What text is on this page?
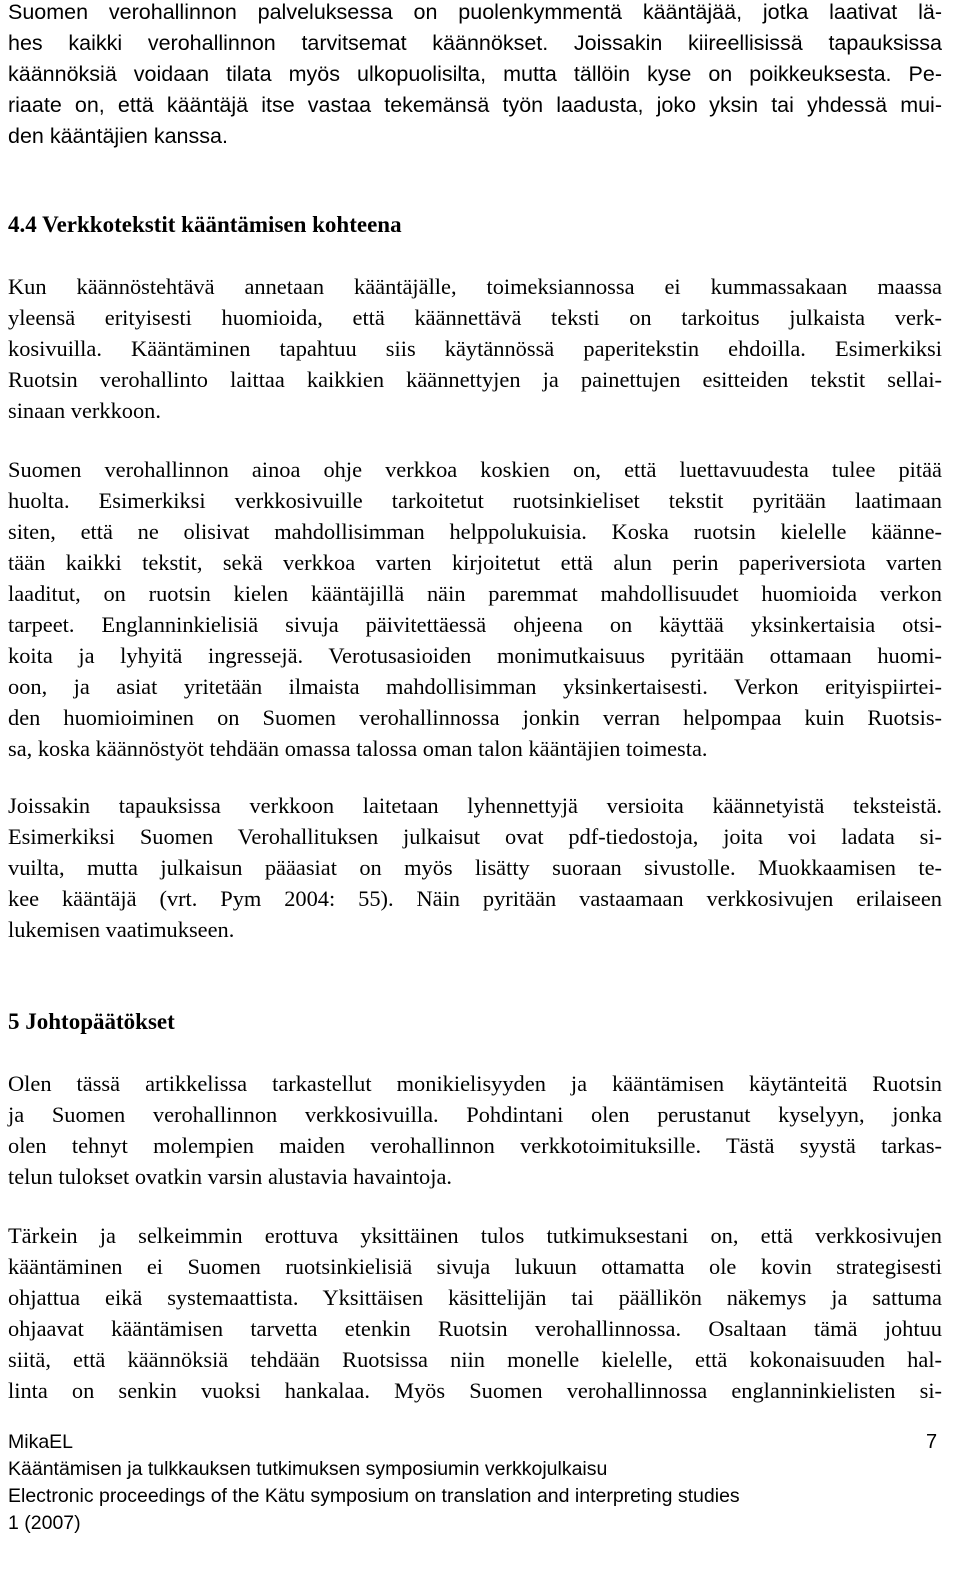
Suomen verohallinnon palveluksessa on puolenkymmentä kääntäjää, jotka laativat lä-
hes kaikki verohallinnon tarvitsemat käännökset. Joissakin kiireellisissä tapauksissa
käännöksiä voidaan tilata myös ulkopuolisilta, mutta tällöin kyse on poikkeuksesta. Pe-
riaate on, että kääntäjä itse vastaa tekemänsä työn laadusta, joko yksin tai yhdessä mui-
den kääntäjien kanssa.
4.4 Verkkotekstit kääntämisen kohteena
Kun käännöstehtävä annetaan kääntäjälle, toimeksiannossa ei kummassakaan maassa
yleensä erityisesti huomioida, että käännettävä teksti on tarkoitus julkaista verk-
kosivuilla. Kääntäminen tapahtuu siis käytännössä paperitekstin ehdoilla. Esimerkiksi
Ruotsin verohallinto laittaa kaikkien käännettyjen ja painettujen esitteiden tekstit sellai-
sinaan verkkoon.
Suomen verohallinnon ainoa ohje verkkoa koskien on, että luettavuudesta tulee pitää
huolta. Esimerkiksi verkkosivuille tarkoitetut ruotsinkieliset tekstit pyritään laatimaan
siten, että ne olisivat mahdollisimman helppolukuisia. Koska ruotsin kielelle käänne-
tään kaikki tekstit, sekä verkkoa varten kirjoitetut että alun perin paperiversiota varten
laaditut, on ruotsin kielen kääntäjillä näin paremmat mahdollisuudet huomioida verkon
tarpeet. Englanninkielisiä sivuja päivitettäessä ohjeena on käyttää yksinkertaisia otsi-
koita ja lyhyitä ingressejä. Verotusasioiden monimutkaisuus pyritään ottamaan huomi-
oon, ja asiat yritetään ilmaista mahdollisimman yksinkertaisesti. Verkon erityispiirtei-
den huomioiminen on Suomen verohallinnossa jonkin verran helpompaa kuin Ruotsis-
sa, koska käännöstyöt tehdään omassa talossa oman talon kääntäjien toimesta.
Joissakin tapauksissa verkkoon laitetaan lyhennettyjä versioita käännetyistä teksteistä.
Esimerkiksi Suomen Verohallituksen julkaisut ovat pdf-tiedostoja, joita voi ladata si-
vuilta, mutta julkaisun pääasiat on myös lisätty suoraan sivustolle. Muokkaamisen te-
kee kääntäjä (vrt. Pym 2004: 55). Näin pyritään vastaamaan verkkosivujen erilaiseen
lukemisen vaatimukseen.
5 Johtopäätökset
Olen tässä artikkelissa tarkastellut monikielisyyden ja kääntämisen käytänteitä Ruotsin
ja Suomen verohallinnon verkkosivuilla. Pohdintani olen perustanut kyselyyn, jonka
olen tehnyt molempien maiden verohallinnon verkkotoimituksille. Tästä syystä tarkas-
telun tulokset ovatkin varsin alustavia havaintoja.
Tärkein ja selkeimmin erottuva yksittäinen tulos tutkimuksestani on, että verkkosivujen
kääntäminen ei Suomen ruotsinkielisiä sivuja lukuun ottamatta ole kovin strategisesti
ohjattua eikä systemaattista. Yksittäisen käsittelijän tai päällikön näkemys ja sattuma
ohjaavat kääntämisen tarvetta etenkin Ruotsin verohallinnossa. Osaltaan tämä johtuu
siitä, että käännöksiä tehdään Ruotsissa niin monelle kielelle, että kokonaisuuden hal-
linta on senkin vuoksi hankalaa. Myös Suomen verohallinnossa englanninkielisten si-
MikaEL
Kääntämisen ja tulkkauksen tutkimuksen symposiumin verkkojulkaisu
Electronic proceedings of the Kätu symposium on translation and interpreting studies
1 (2007)
7
